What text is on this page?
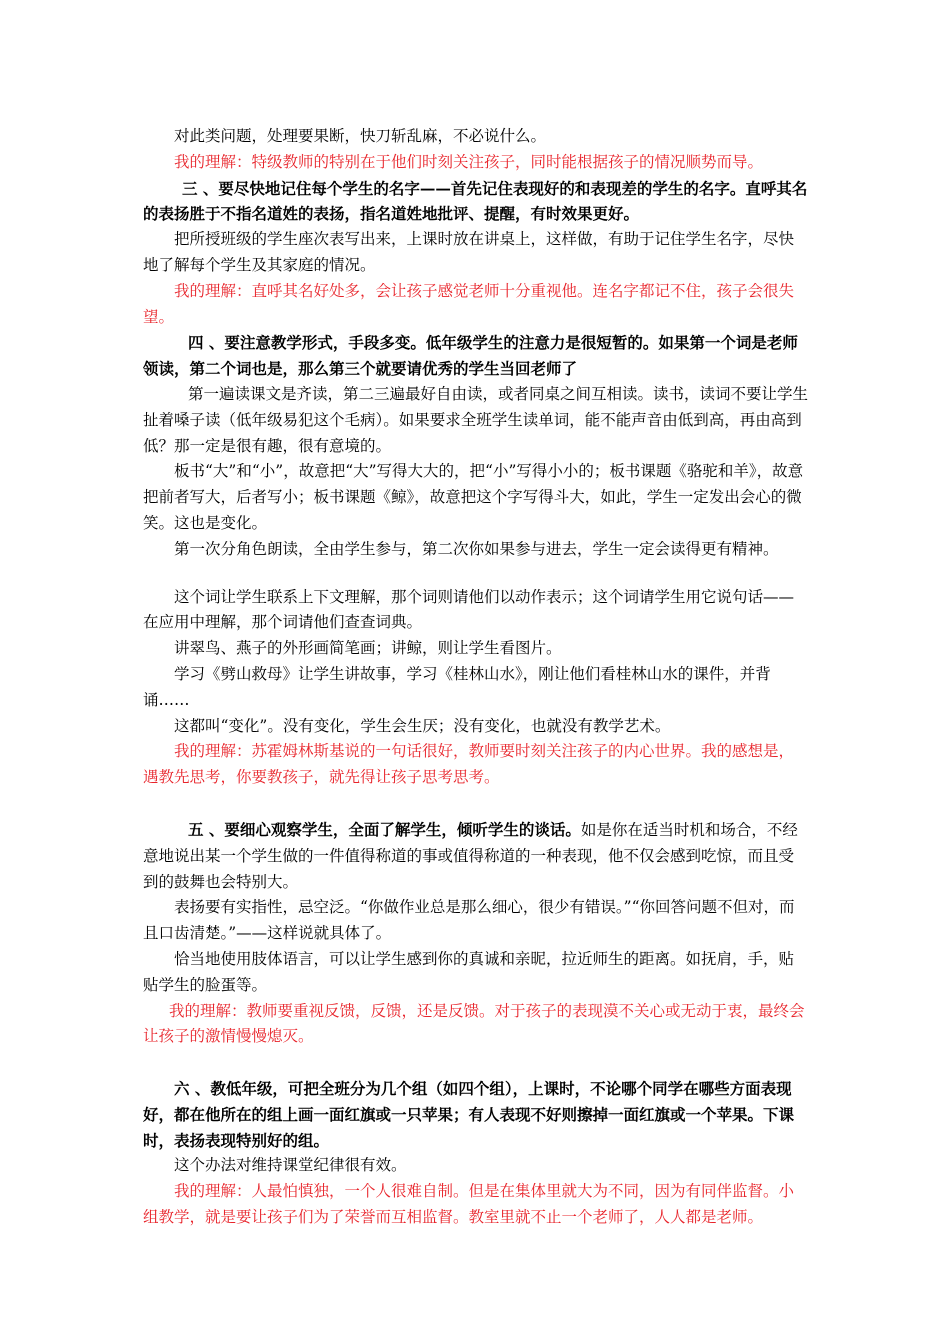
对此类问题，处理要果断，快刀斩乱麻，不必说什么。

我的理解：特级教师的特别在于他们时刻关注孩子，同时能根据孩子的情况顺势而导。

三 、要尽快地记住每个学生的名字——首先记住表现好的和表现差的学生的名字。直呼其名的表扬胜于不指名道姓的表扬，指名道姓地批评、提醒，有时效果更好。

把所授班级的学生座次表写出来，上课时放在讲桌上，这样做，有助于记住学生名字，尽快地了解每个学生及其家庭的情况。

我的理解：直呼其名好处多，会让孩子感觉老师十分重视他。连名字都记不住，孩子会很失望。

四 、要注意教学形式，手段多变。低年级学生的注意力是很短暂的。如果第一个词是老师领读，第二个词也是，那么第三个就要请优秀的学生当回老师了

第一遍读课文是齐读，第二三遍最好自由读，或者同桌之间互相读。读书，读词不要让学生扯着嗓子读（低年级易犯这个毛病）。如果要求全班学生读单词，能不能声音由低到高，再由高到低？那一定是很有趣，很有意境的。

板书“大”和“小”，故意把“大”写得大大的，把“小”写得小小的；板书课题《骆驼和羊》，故意把前者写大，后者写小；板书课题《鲸》，故意把这个字写得斗大，如此，学生一定发出会心的微笑。这也是变化。

第一次分角色朗读，全由学生参与，第二次你如果参与进去，学生一定会读得更有精神。

这个词让学生联系上下文理解，那个词则请他们以动作表示；这个词请学生用它说句话——在应用中理解，那个词请他们查查词典。

讲翠鸟、燕子的外形画简笔画；讲鲸，则让学生看图片。

学习《劈山救母》让学生讲故事，学习《桂林山水》，刚让他们看桂林山水的课件，并背诵……

这都叫“变化”。没有变化，学生会生厌；没有变化，也就没有教学艺术。

我的理解：苏霍姆林斯基说的一句话很好，教师要时刻关注孩子的内心世界。我的感想是，遇教先思考，你要教孩子，就先得让孩子思考思考。

五 、要细心观察学生，全面了解学生，倾听学生的谈话。如是你在适当时机和场合，不经意地说出某一个学生做的一件值得称道的事或值得称道的一种表现，他不仅会感到吃惊，而且受到的鼓舞也会特别大。

表扬要有实指性，忌空泛。“你做作业总是那么细心，很少有错误。”“你回答问题不但对，而且口齿清楚。”——这样说就具体了。

恰当地使用肢体语言，可以让学生感到你的真诚和亲昵，拉近师生的距离。如抚肩，手，贴贴学生的脸蛋等。

我的理解：教师要重视反馈，反馈，还是反馈。对于孩子的表现漠不关心或无动于衷，最终会让孩子的激情慢慢熄灭。

六 、教低年级，可把全班分为几个组（如四个组），上课时，不论哪个同学在哪些方面表现好，都在他所在的组上画一面红旗或一只苹果；有人表现不好则擦掉一面红旗或一个苹果。下课时，表扬表现特别好的组。

这个办法对维持课堂纪律很有效。

我的理解：人最怕慎独，一个人很难自制。但是在集体里就大为不同，因为有同伴监督。小组教学，就是要让孩子们为了荣誉而互相监督。教室里就不止一个老师了，人人都是老师。
